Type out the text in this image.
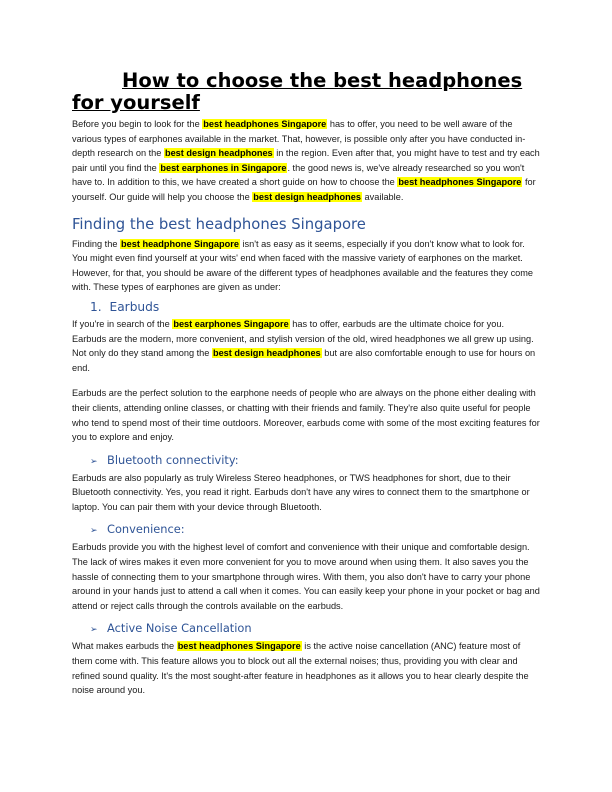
How to choose the best headphones for yourself

Before you begin to look for the best headphones Singapore has to offer, you need to be well aware of the various types of earphones available in the market. That, however, is possible only after you have conducted in-depth research on the best design headphones in the region. Even after that, you might have to test and try each pair until you find the best earphones in Singapore. the good news is, we've already researched so you won't have to. In addition to this, we have created a short guide on how to choose the best headphones Singapore for yourself. Our guide will help you choose the best design headphones available.

Finding the best headphones Singapore

Finding the best headphone Singapore isn't as easy as it seems, especially if you don't know what to look for. You might even find yourself at your wits' end when faced with the massive variety of earphones on the market. However, for that, you should be aware of the different types of headphones available and the features they come with. These types of earphones are given as under:

1. Earbuds

If you're in search of the best earphones Singapore has to offer, earbuds are the ultimate choice for you. Earbuds are the modern, more convenient, and stylish version of the old, wired headphones we all grew up using. Not only do they stand among the best design headphones but are also comfortable enough to use for hours on end.

Earbuds are the perfect solution to the earphone needs of people who are always on the phone either dealing with their clients, attending online classes, or chatting with their friends and family. They're also quite useful for people who tend to spend most of their time outdoors. Moreover, earbuds come with some of the most exciting features for you to explore and enjoy.

➢ Bluetooth connectivity:

Earbuds are also popularly as truly Wireless Stereo headphones, or TWS headphones for short, due to their Bluetooth connectivity. Yes, you read it right. Earbuds don't have any wires to connect them to the smartphone or laptop. You can pair them with your device through Bluetooth.

➢ Convenience:

Earbuds provide you with the highest level of comfort and convenience with their unique and comfortable design. The lack of wires makes it even more convenient for you to move around when using them. It also saves you the hassle of connecting them to your smartphone through wires. With them, you also don't have to carry your phone around in your hands just to attend a call when it comes. You can easily keep your phone in your pocket or bag and attend or reject calls through the controls available on the earbuds.

➢ Active Noise Cancellation

What makes earbuds the best headphones Singapore is the active noise cancellation (ANC) feature most of them come with. This feature allows you to block out all the external noises; thus, providing you with clear and refined sound quality. It's the most sought-after feature in headphones as it allows you to hear clearly despite the noise around you.
